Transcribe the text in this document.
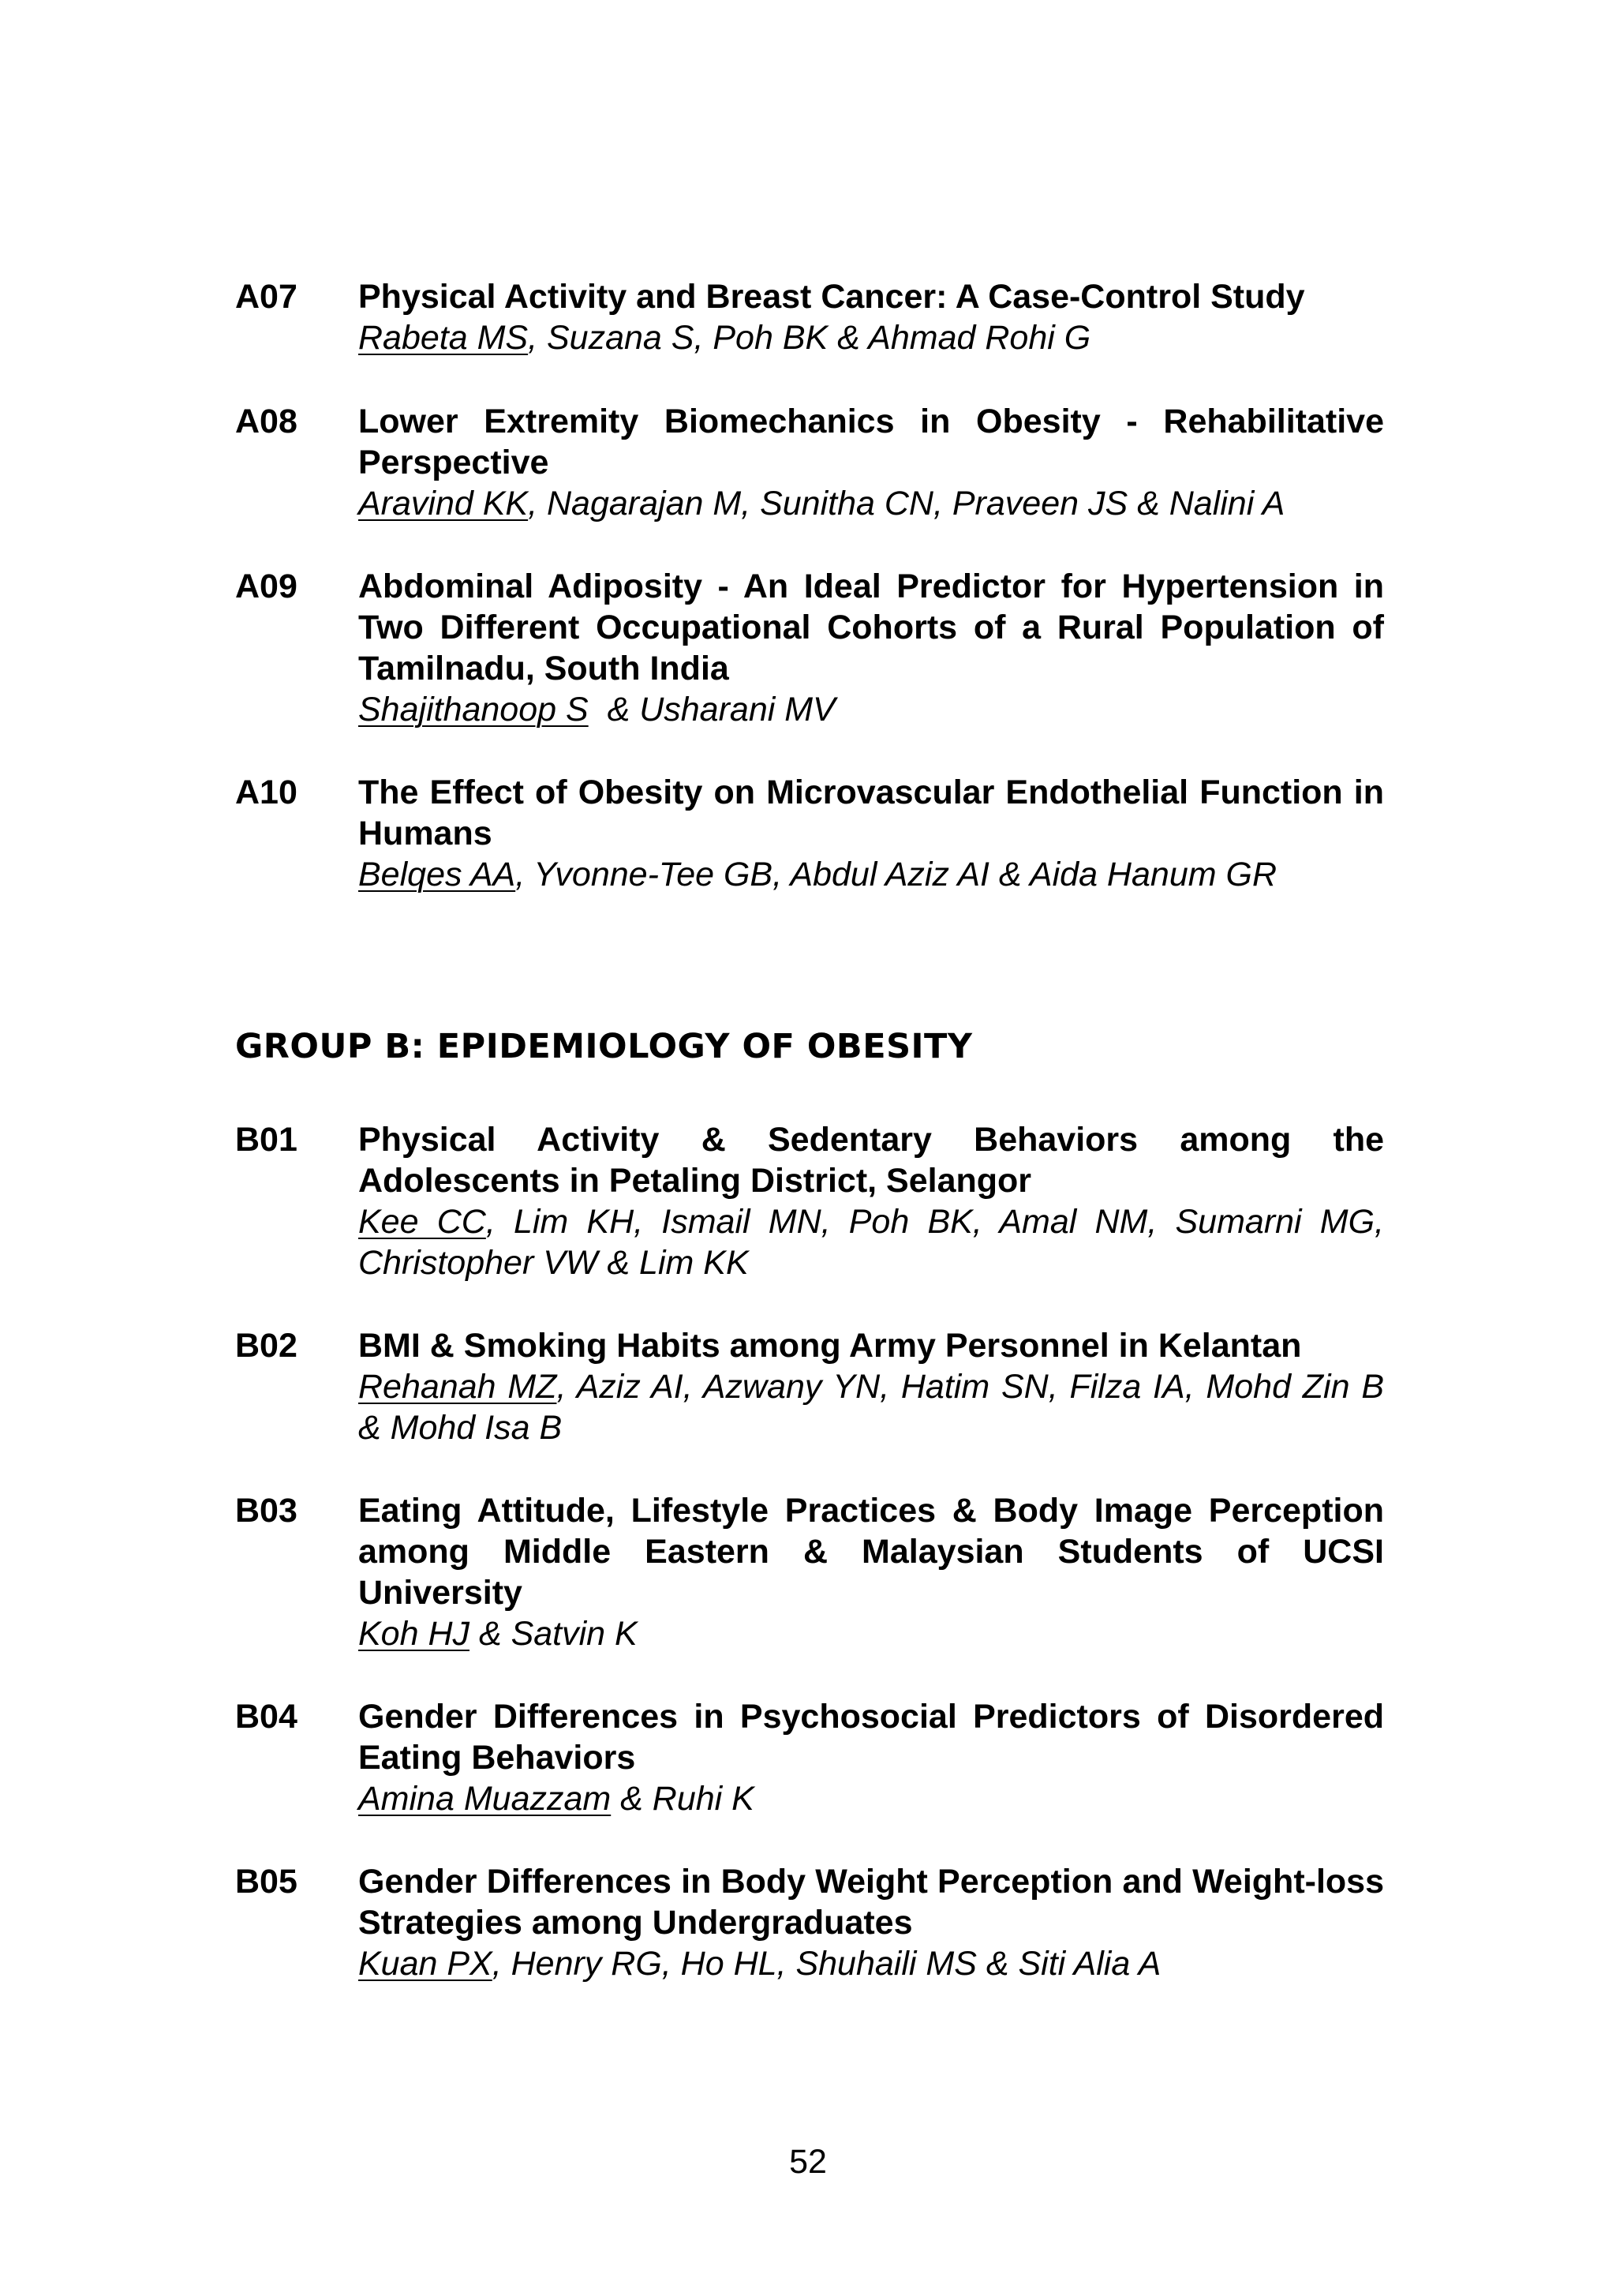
A07	Physical Activity and Breast Cancer: A Case-Control Study
Rabeta MS, Suzana S, Poh BK & Ahmad Rohi G
A08	Lower Extremity Biomechanics in Obesity - Rehabilitative Perspective
Aravind KK, Nagarajan M, Sunitha CN, Praveen JS & Nalini A
A09	Abdominal Adiposity - An Ideal Predictor for Hypertension in Two Different Occupational Cohorts of a Rural Population of Tamilnadu, South India
Shajithanoop S  & Usharani MV
A10	The Effect of Obesity on Microvascular Endothelial Function in Humans
Belqes AA, Yvonne-Tee GB, Abdul Aziz AI & Aida Hanum GR
GROUP B: EPIDEMIOLOGY OF OBESITY
B01	Physical Activity & Sedentary Behaviors among the Adolescents in Petaling District, Selangor
Kee CC, Lim KH, Ismail MN, Poh BK, Amal NM, Sumarni MG, Christopher VW & Lim KK
B02	BMI & Smoking Habits among Army Personnel in Kelantan
Rehanah MZ, Aziz AI, Azwany YN, Hatim SN, Filza IA, Mohd Zin B & Mohd Isa B
B03	Eating Attitude, Lifestyle Practices & Body Image Perception among Middle Eastern & Malaysian Students of UCSI University
Koh HJ & Satvin K
B04	Gender Differences in Psychosocial Predictors of Disordered Eating Behaviors
Amina Muazzam & Ruhi K
B05	Gender Differences in Body Weight Perception and Weight-loss Strategies among Undergraduates
Kuan PX, Henry RG, Ho HL, Shuhaili MS & Siti Alia A
52
